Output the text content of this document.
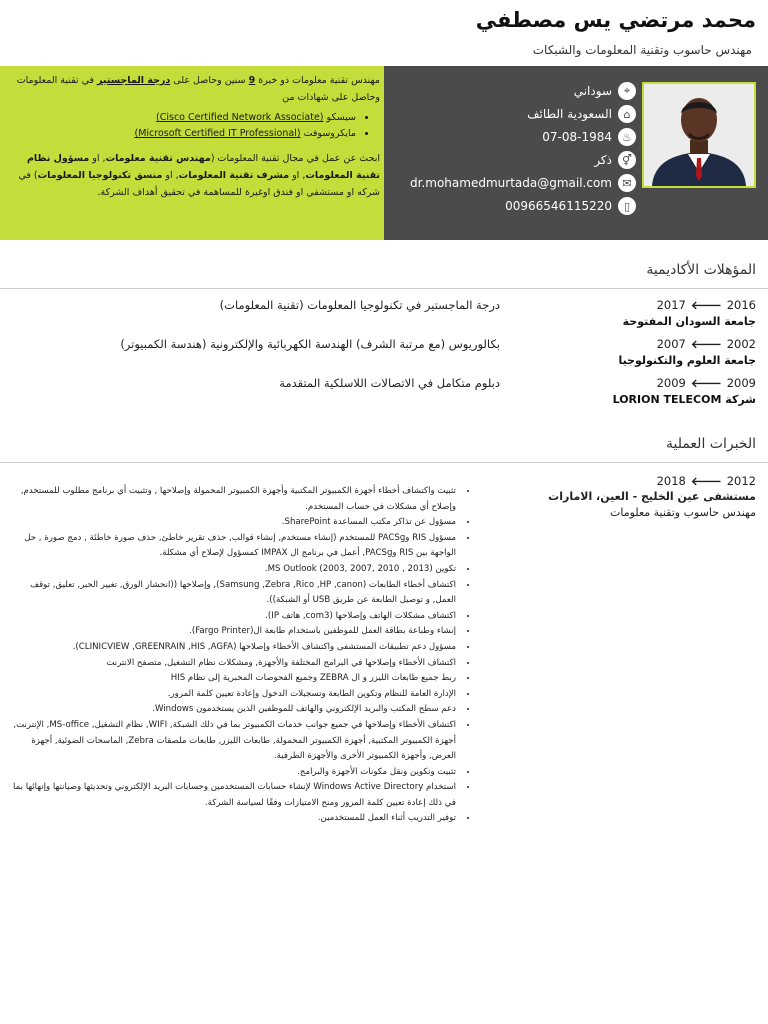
محمد مرتضي يس مصطفي
مهندس حاسوب وتقنية المعلومات والشبكات
⌖
سوداني
⌂
السعودية الطائف
♨
07-08-1984
⚥
ذكر
✉
dr.mohamedmurtada@gmail.com
▯
00966546115220

مهندس تقنية معلومات ذو خبرة 9 سنين وحاصل على درجة الماجستير في تقنية المعلومات وحاصل على شهادات من

• سيسكو (Cisco Certified Network Associate)
• مايكروسوفت (Microsoft Certified IT Professional)

ابحث عن عمل في مجال تقنية المعلومات (مهندس تقنية معلومات, او مسؤول نظام تقنية المعلومات, او مشرف تقنية المعلومات, او منسق تكنولوجيا المعلومات) في شركه او مستشفي او فندق اوغيرة للمساهمة في تحقيق أهداف الشركة.

المؤهلات الأكاديمية
2016🡐2017
جامعة السودان المفتوحة
درجة الماجستير في تكنولوجيا المعلومات (تقنية المعلومات)
2002🡐2007
جامعة العلوم والتكنولوجيا
بكالوريوس (مع مرتبة الشرف) الهندسة الكهربائية والإلكترونية (هندسة الكمبيوتر)
2009🡐2009
شركة LORION TELECOM
دبلوم متكامل في الاتصالات اللاسلكية المتقدمة
الخبرات العملية
2012🡐2018
مستشفى عين الخليج - العين، الامارات
مهندس حاسوب وتقنية معلومات
• تثبيت واكتشاف أخطاء أجهزة الكمبيوتر المكتبية وأجهزة الكمبيوتر المحمولة وإصلاحها , وتثبيت أي برنامج مطلوب للمستخدم, وإصلاح أي مشكلات في حساب المستخدم.
• مسؤول عن تذاكر مكتب المساعدة SharePoint.
• مسؤول RIS وPACSg للمستخدم (إنشاء مستخدم, إنشاء قوالب, حذف تقرير خاطئ, حذف صورة خاطئة , دمج صورة , حل الواجهة بين RIS وPACSg, أعمل في برنامج ال IMPAX كمسؤول لإصلاح أي مشكلة.
• تكوين MS Outlook (2003, 2007, 2010 , 2013).
• اكتشاف أخطاء الطابعات (Samsung ,Zebra ,Rico ,HP ,canon), وإصلاحها ((انحشار الورق, تغيير الحبر, تعليق, توقف العمل, و توصيل الطابعة عن طريق USB أو الشبكة)).
• اكتشاف مشكلات الهاتف وإصلاحها (com3, هاتف IP).
• إنشاء وطباعة بطاقة العمل للموظفين باستخدام طابعة ال(Fargo Printer).
• مسؤول دعم تطبيقات المستشفى واكتشاف الأخطاء وإصلاحها (CLINICVIEW ,GREENRAIN ,HIS ,AGFA).
• اكتشاف الأخطاء وإصلاحها في البرامج المختلفة والأجهزة, ومشكلات نظام التشغيل, متصفح الانترنت
• ربط جميع طابعات الليزر و ال ZEBRA وجميع الفحوصات المخبرية إلى نظام HIS
• الإدارة العامة للنظام وتكوين الطابعة وتسجيلات الدخول وإعادة تعيين كلمة المرور.
• دعم سطح المكتب والبريد الإلكتروني والهاتف للموظفين الذين يستخدمون Windows.
• اكتشاف الأخطاء وإصلاحها في جميع جوانب خدمات الكمبيوتر بما في ذلك الشبكة, WIFI, نظام التشغيل, MS-office, الإنترنت, أجهزة الكمبيوتر المكتبية, أجهزة الكمبيوتر المحمولة, طابعات الليزر, طابعات ملصقات Zebra, الماسحات الضوئية, أجهزة العرض, وأجهزة الكمبيوتر الأخرى والأجهزة الطرفية.
• تثبيت وتكوين ونقل مكونات الأجهزة والبرامج.
• استخدام Windows Active Directory لإنشاء حسابات المستخدمين وحسابات البريد الإلكتروني وتحديثها وصيانتها وإنهائها بما في ذلك إعادة تعيين كلمة المرور ومنح الامتيازات وفقًا لسياسة الشركة.
• توفير التدريب أثناء العمل للمستخدمين.
